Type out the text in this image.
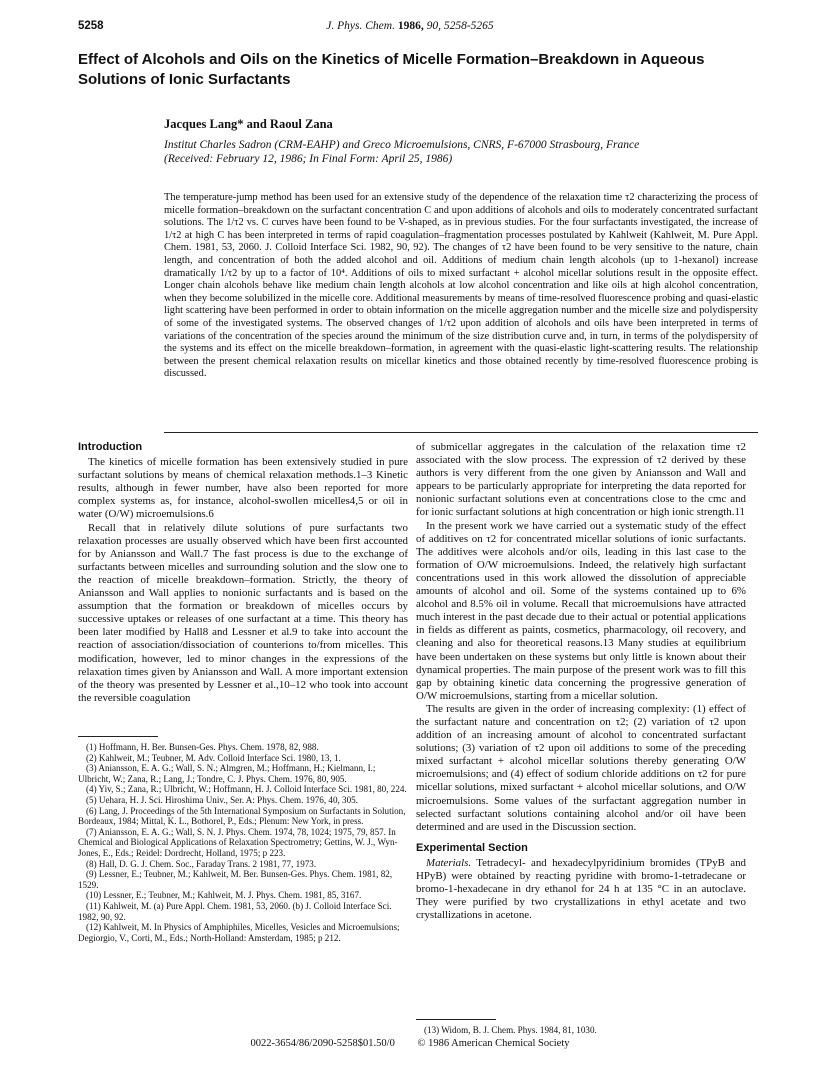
5258	J. Phys. Chem. 1986, 90, 5258-5265
Effect of Alcohols and Oils on the Kinetics of Micelle Formation–Breakdown in Aqueous Solutions of Ionic Surfactants
Jacques Lang* and Raoul Zana
Institut Charles Sadron (CRM-EAHP) and Greco Microemulsions, CNRS, F-67000 Strasbourg, France
(Received: February 12, 1986; In Final Form: April 25, 1986)
The temperature-jump method has been used for an extensive study of the dependence of the relaxation time τ2 characterizing the process of micelle formation–breakdown on the surfactant concentration C and upon additions of alcohols and oils to moderately concentrated surfactant solutions. The 1/τ2 vs. C curves have been found to be V-shaped, as in previous studies. For the four surfactants investigated, the increase of 1/τ2 at high C has been interpreted in terms of rapid coagulation–fragmentation processes postulated by Kahlweit (Kahlweit, M. Pure Appl. Chem. 1981, 53, 2060. J. Colloid Interface Sci. 1982, 90, 92). The changes of τ2 have been found to be very sensitive to the nature, chain length, and concentration of both the added alcohol and oil. Additions of medium chain length alcohols (up to 1-hexanol) increase dramatically 1/τ2 by up to a factor of 10⁴. Additions of oils to mixed surfactant + alcohol micellar solutions result in the opposite effect. Longer chain alcohols behave like medium chain length alcohols at low alcohol concentration and like oils at high alcohol concentration, when they become solubilized in the micelle core. Additional measurements by means of time-resolved fluorescence probing and quasi-elastic light scattering have been performed in order to obtain information on the micelle aggregation number and the micelle size and polydispersity of some of the investigated systems. The observed changes of 1/τ2 upon addition of alcohols and oils have been interpreted in terms of variations of the concentration of the species around the minimum of the size distribution curve and, in turn, in terms of the polydispersity of the systems and its effect on the micelle breakdown–formation, in agreement with the quasi-elastic light-scattering results. The relationship between the present chemical relaxation results on micellar kinetics and those obtained recently by time-resolved fluorescence probing is discussed.
Introduction

The kinetics of micelle formation has been extensively studied in pure surfactant solutions by means of chemical relaxation methods.1–3 Kinetic results, although in fewer number, have also been reported for more complex systems as, for instance, alcohol-swollen micelles4,5 or oil in water (O/W) microemulsions.6

Recall that in relatively dilute solutions of pure surfactants two relaxation processes are usually observed which have been first accounted for by Aniansson and Wall.7 The fast process is due to the exchange of surfactants between micelles and surrounding solution and the slow one to the reaction of micelle breakdown–formation. Strictly, the theory of Aniansson and Wall applies to nonionic surfactants and is based on the assumption that the formation or breakdown of micelles occurs by successive uptakes or releases of one surfactant at a time. This theory has been later modified by Hall8 and Lessner et al.9 to take into account the reaction of association/dissociation of counterions to/from micelles. This modification, however, led to minor changes in the expressions of the relaxation times given by Aniansson and Wall. A more important extension of the theory was presented by Lessner et al.,10–12 who took into account the reversible coagulation

(1) Hoffmann, H. Ber. Bunsen-Ges. Phys. Chem. 1978, 82, 988.
(2) Kahlweit, M.; Teubner, M. Adv. Colloid Interface Sci. 1980, 13, 1.
(3) Aniansson, E. A. G.; Wall, S. N.; Almgren, M.; Hoffmann, H.; Kielmann, I.; Ulbricht, W.; Zana, R.; Lang, J.; Tondre, C. J. Phys. Chem. 1976, 80, 905.
(4) Yiv, S.; Zana, R.; Ulbricht, W.; Hoffmann, H. J. Colloid Interface Sci. 1981, 80, 224.
(5) Uehara, H. J. Sci. Hiroshima Univ., Ser. A: Phys. Chem. 1976, 40, 305.
(6) Lang, J. Proceedings of the 5th International Symposium on Surfactants in Solution, Bordeaux, 1984; Mittal, K. L., Bothorel, P., Eds.; Plenum: New York, in press.
(7) Aniansson, E. A. G.; Wall, S. N. J. Phys. Chem. 1974, 78, 1024; 1975, 79, 857. In Chemical and Biological Applications of Relaxation Spectrometry; Gettins, W. J., Wyn-Jones, E., Eds.; Reidel: Dordrecht, Holland, 1975; p 223.
(8) Hall, D. G. J. Chem. Soc., Faraday Trans. 2 1981, 77, 1973.
(9) Lessner, E.; Teubner, M.; Kahlweit, M. Ber. Bunsen-Ges. Phys. Chem. 1981, 82, 1529.
(10) Lessner, E.; Teubner, M.; Kahlweit, M. J. Phys. Chem. 1981, 85, 3167.
(11) Kahlweit, M. (a) Pure Appl. Chem. 1981, 53, 2060. (b) J. Colloid Interface Sci. 1982, 90, 92.
(12) Kahlweit, M. In Physics of Amphiphiles, Micelles, Vesicles and Microemulsions; Degiorgio, V., Corti, M., Eds.; North-Holland: Amsterdam, 1985; p 212.

of submicellar aggregates in the calculation of the relaxation time τ2 associated with the slow process. The expression of τ2 derived by these authors is very different from the one given by Aniansson and Wall and appears to be particularly appropriate for interpreting the data reported for nonionic surfactant solutions even at concentrations close to the cmc and for ionic surfactant solutions at high concentration or high ionic strength.11

In the present work we have carried out a systematic study of the effect of additives on τ2 for concentrated micellar solutions of ionic surfactants. The additives were alcohols and/or oils, leading in this last case to the formation of O/W microemulsions. Indeed, the relatively high surfactant concentrations used in this work allowed the dissolution of appreciable amounts of alcohol and oil. Some of the systems contained up to 6% alcohol and 8.5% oil in volume. Recall that microemulsions have attracted much interest in the past decade due to their actual or potential applications in fields as different as paints, cosmetics, pharmacology, oil recovery, and cleaning and also for theoretical reasons.13 Many studies at equilibrium have been undertaken on these systems but only little is known about their dynamical properties. The main purpose of the present work was to fill this gap by obtaining kinetic data concerning the progressive generation of O/W microemulsions, starting from a micellar solution.

The results are given in the order of increasing complexity: (1) effect of the surfactant nature and concentration on τ2; (2) variation of τ2 upon addition of an increasing amount of alcohol to concentrated surfactant solutions; (3) variation of τ2 upon oil additions to some of the preceding mixed surfactant + alcohol micellar solutions thereby generating O/W microemulsions; and (4) effect of sodium chloride additions on τ2 for pure micellar solutions, mixed surfactant + alcohol micellar solutions, and O/W microemulsions. Some values of the surfactant aggregation number in selected surfactant solutions containing alcohol and/or oil have been determined and are used in the Discussion section.

Experimental Section

Materials. Tetradecyl- and hexadecylpyridinium bromides (TPyB and HPyB) were obtained by reacting pyridine with bromo-1-tetradecane or bromo-1-hexadecane in dry ethanol for 24 h at 135 °C in an autoclave. They were purified by two crystallizations in ethyl acetate and two crystallizations in acetone.

(13) Widom, B. J. Chem. Phys. 1984, 81, 1030.
0022-3654/86/2090-5258$01.50/0 © 1986 American Chemical Society
